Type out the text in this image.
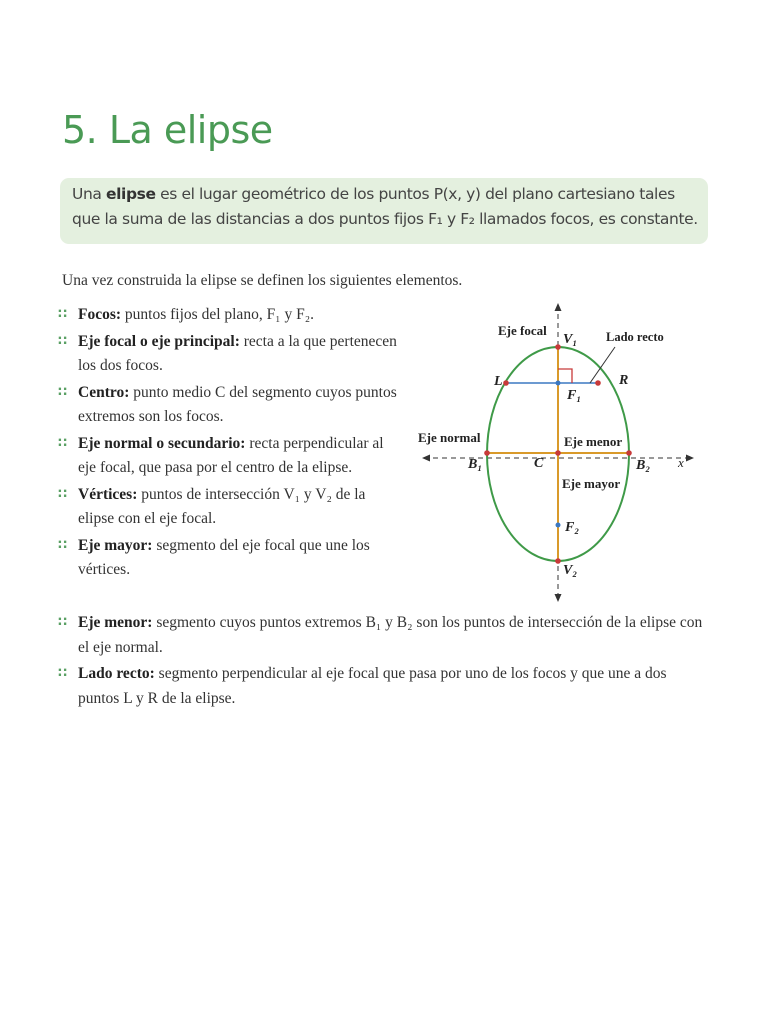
5. La elipse

Una elipse es el lugar geométrico de los puntos P(x, y) del plano cartesiano tales que la suma de las distancias a dos puntos fijos F₁ y F₂ llamados focos, es constante.

Una vez construida la elipse se definen los siguientes elementos.

∷ Focos: puntos fijos del plano, F₁ y F₂.
∷ Eje focal o eje principal: recta a la que pertenecen los dos focos.
∷ Centro: punto medio C del segmento cuyos puntos extremos son los focos.
∷ Eje normal o secundario: recta perpendicular al eje focal, que pasa por el centro de la elipse.
∷ Vértices: puntos de intersección V₁ y V₂ de la elipse con el eje focal.
∷ Eje mayor: segmento del eje focal que une los vértices.
∷ Eje menor: segmento cuyos puntos extremos B₁ y B₂ son los puntos de intersección de la elipse con el eje normal.
∷ Lado recto: segmento perpendicular al eje focal que pasa por uno de los focos y que une a dos puntos L y R de la elipse.
Eje focal	Lado recto
V₁
V₂
L	R
F₁
F₂
Eje normal	Eje menor
C
B₁	B₂ x
Eje mayor
